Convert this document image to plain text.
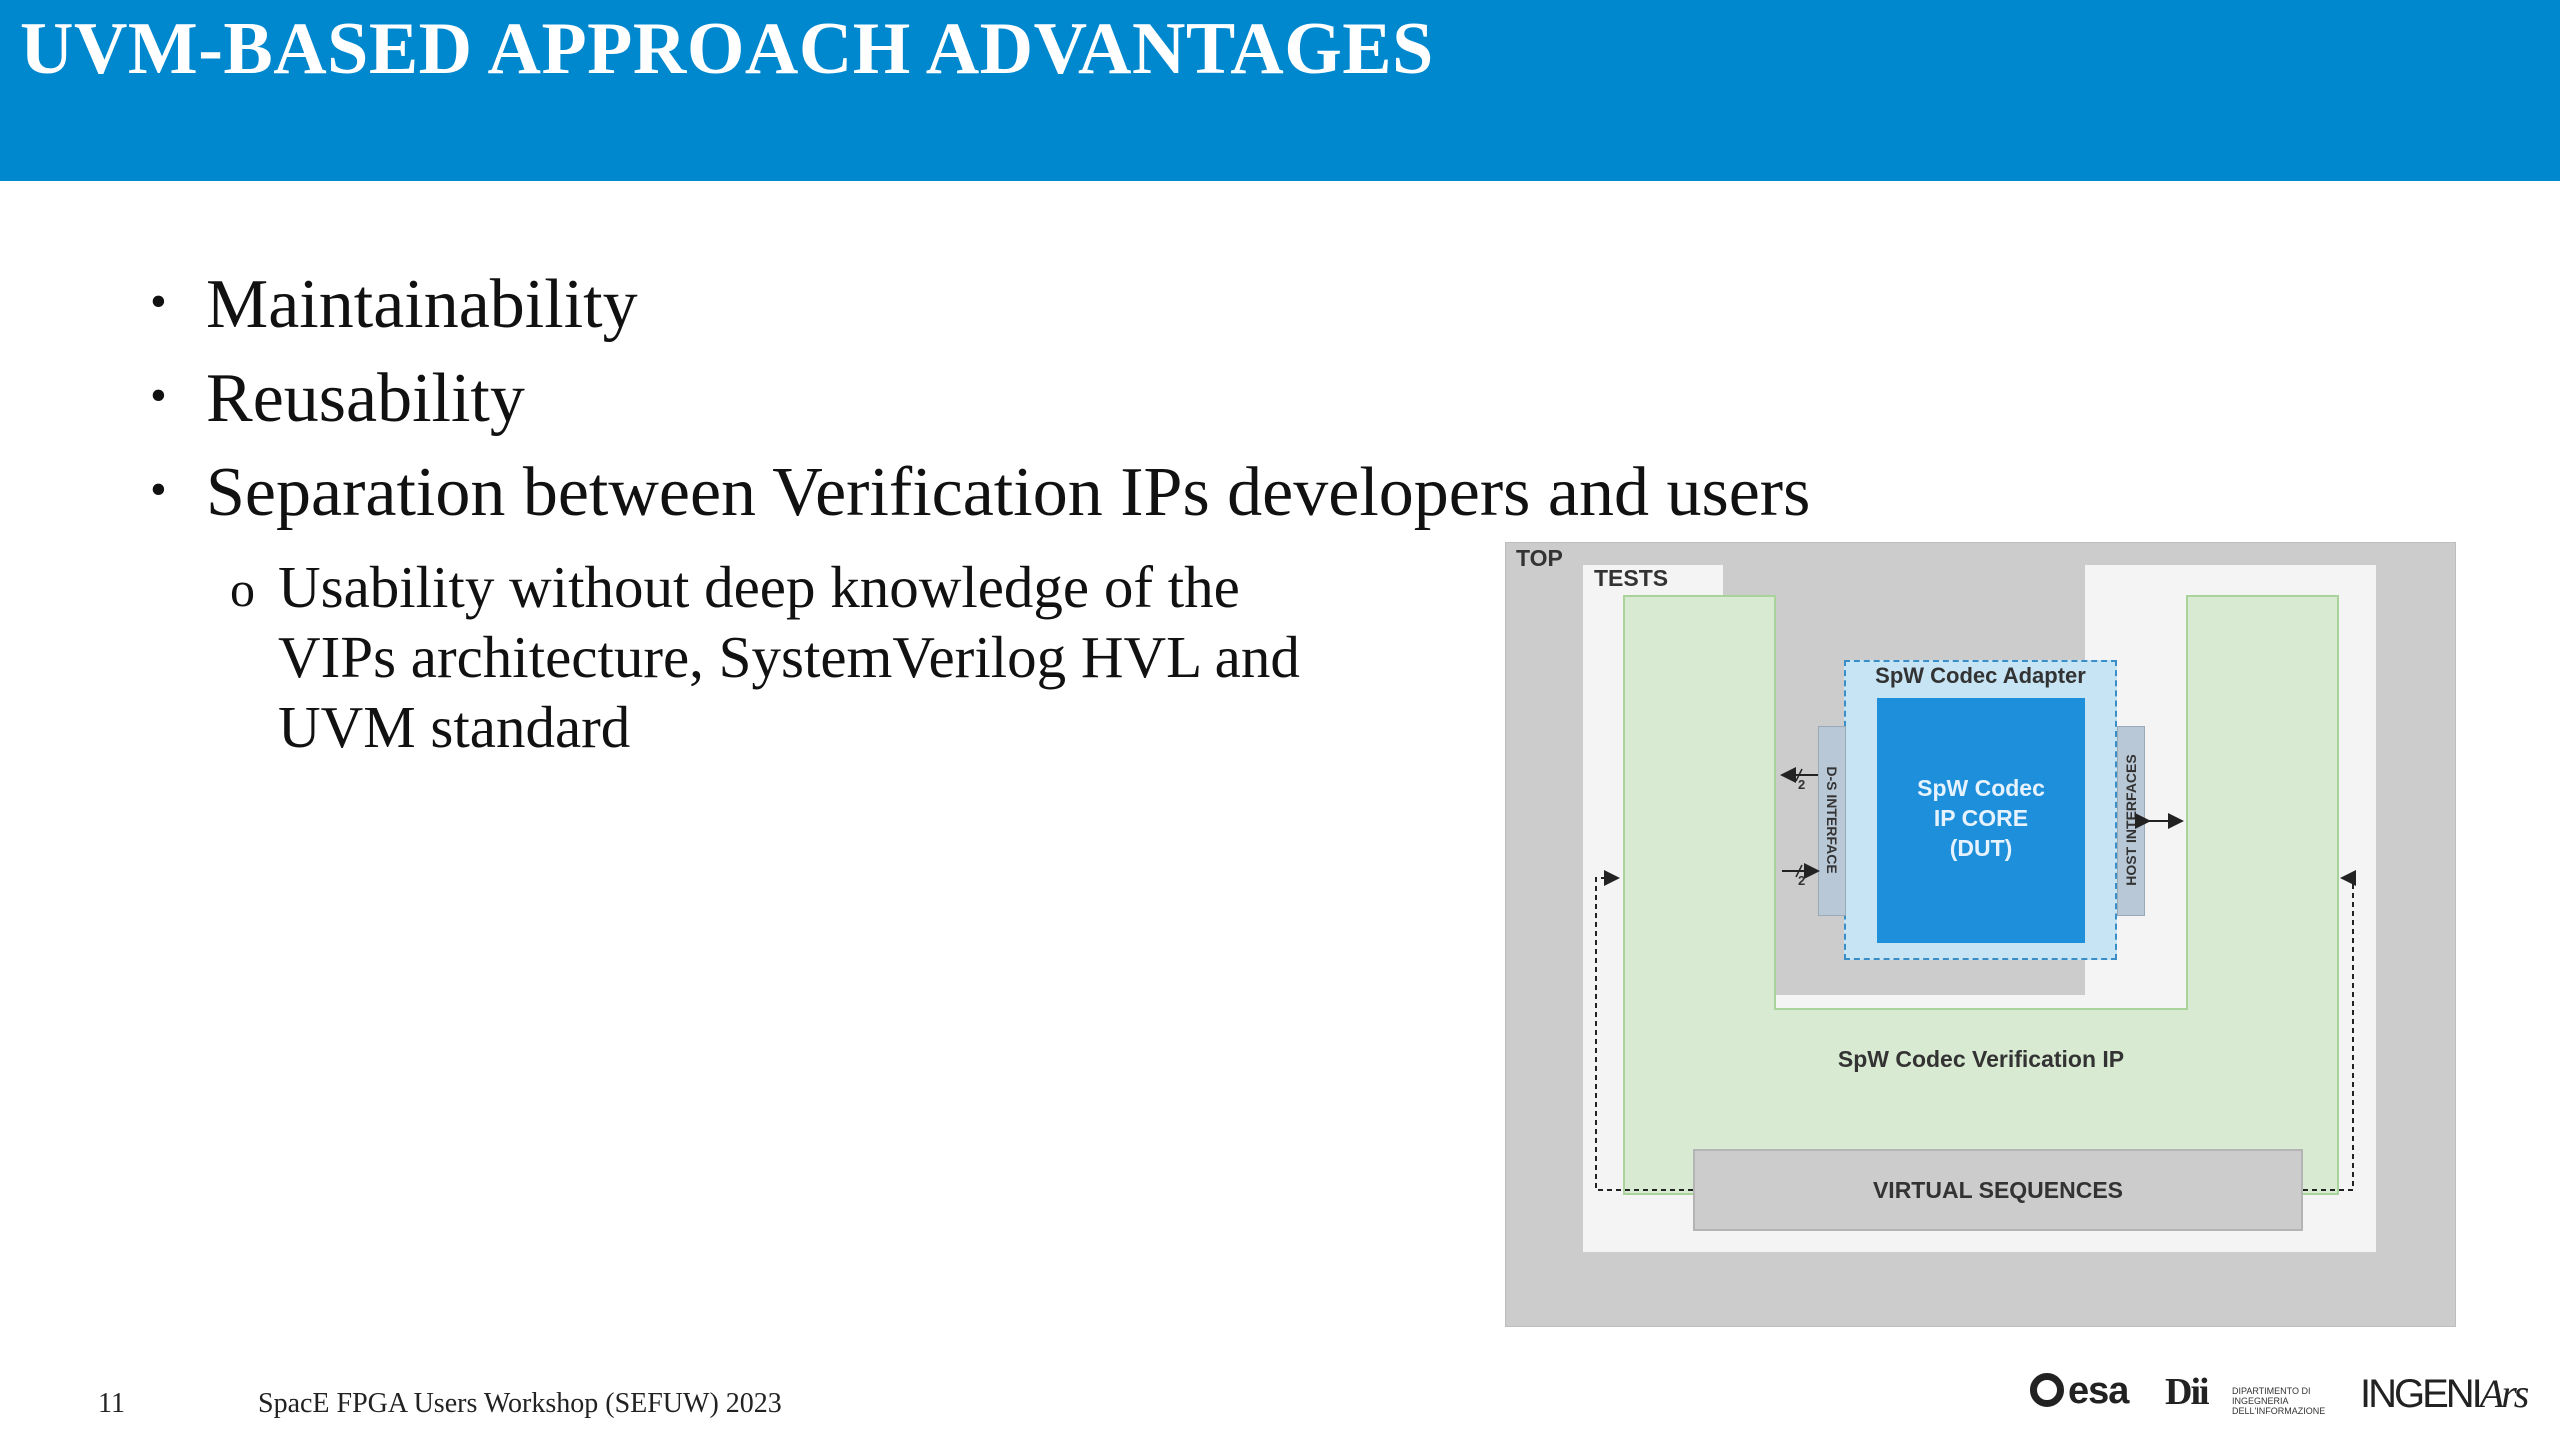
UVM-BASED APPROACH ADVANTAGES
• Maintainability
• Reusability
• Separation between Verification IPs developers and users
o Usability without deep knowledge of the
VIPs architecture, SystemVerilog HVL and
UVM standard
TOP
TESTS
SpW Codec Verification IP
SpW Codec Adapter
D-S INTERFACE	HOST INTERFACES
SpW Codec
IP CORE
(DUT)
VIRTUAL SEQUENCES
2
2
11	SpacE FPGA Users Workshop (SEFUW) 2023	esa Dii	DIPARTIMENTO DI INGEGNERIA DELL'INFORMAZIONE INGENIArs
